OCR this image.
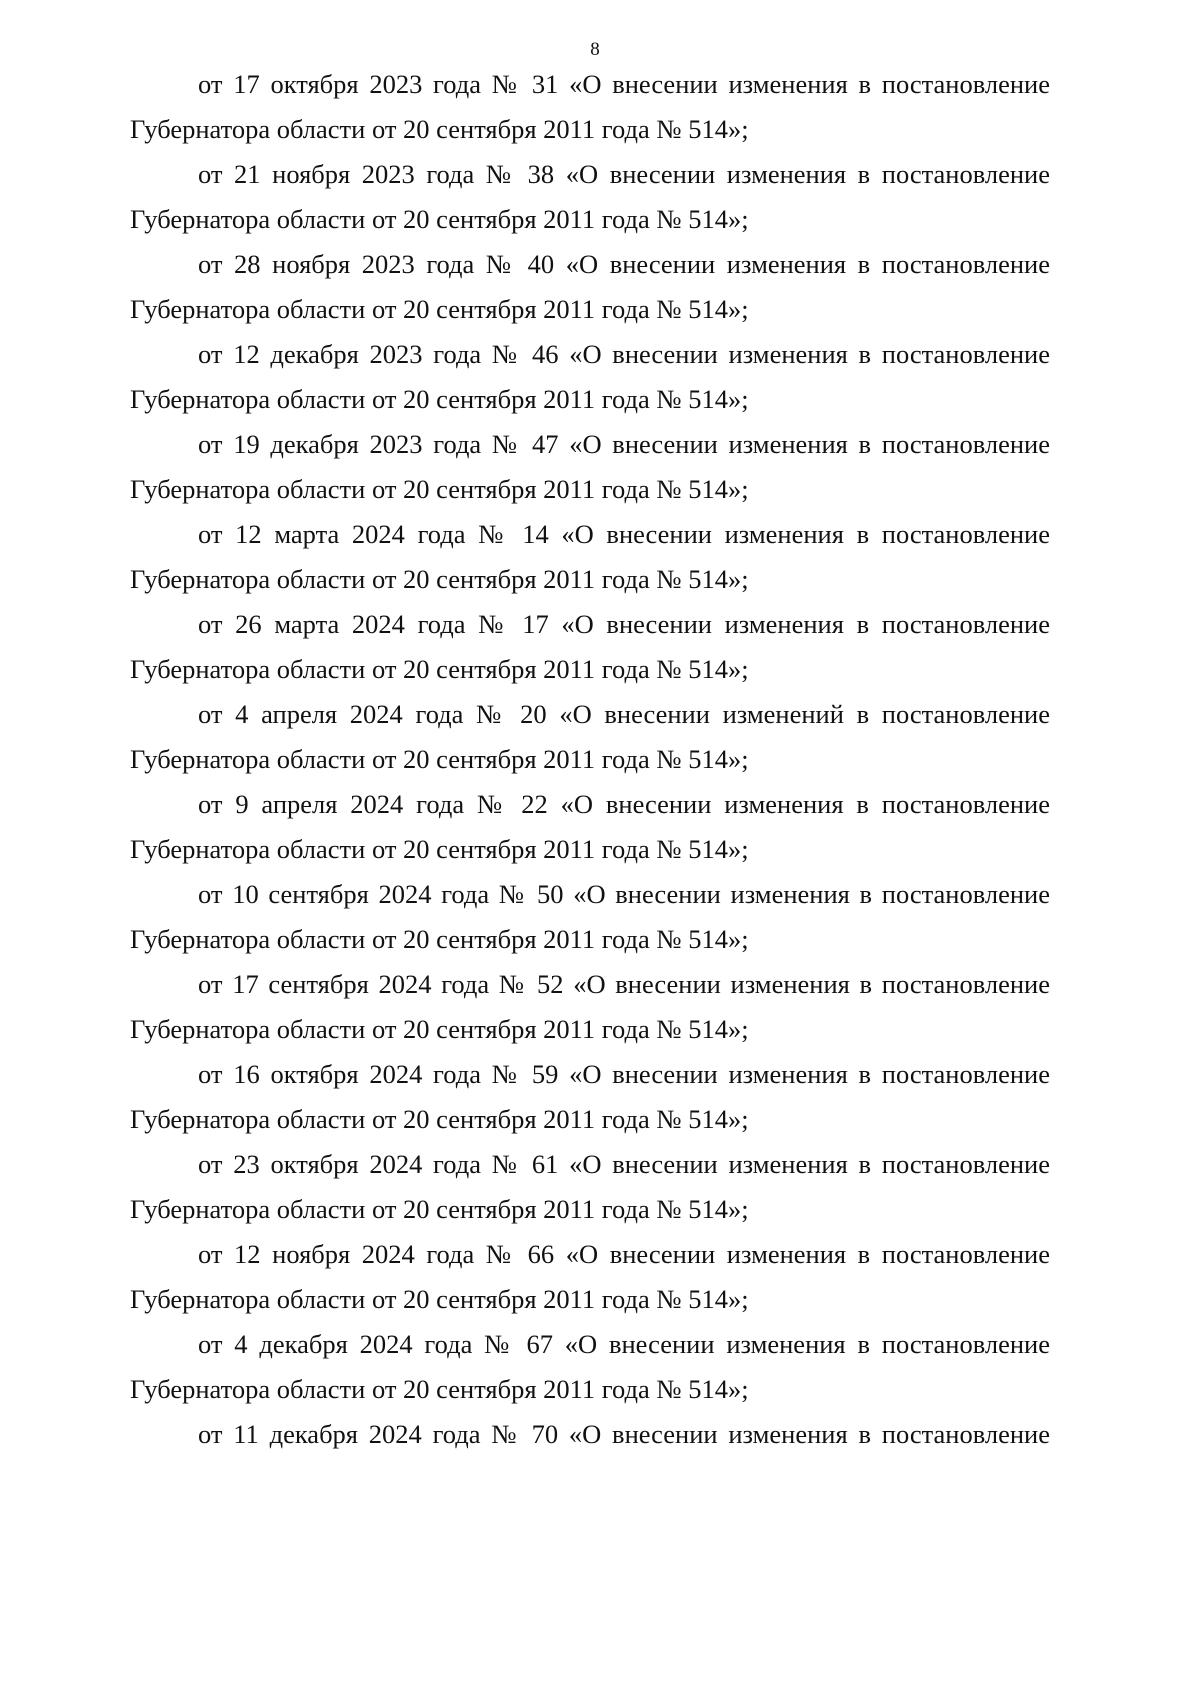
8
от 17 октября 2023 года № 31 «О внесении изменения в постановление
Губернатора области от 20 сентября 2011 года № 514»;
от 21 ноября 2023 года № 38 «О внесении изменения в постановление
Губернатора области от 20 сентября 2011 года № 514»;
от 28 ноября 2023 года № 40 «О внесении изменения в постановление
Губернатора области от 20 сентября 2011 года № 514»;
от 12 декабря 2023 года № 46 «О внесении изменения в постановление
Губернатора области от 20 сентября 2011 года № 514»;
от 19 декабря 2023 года № 47 «О внесении изменения в постановление
Губернатора области от 20 сентября 2011 года № 514»;
от 12 марта 2024 года № 14 «О внесении изменения в постановление
Губернатора области от 20 сентября 2011 года № 514»;
от 26 марта 2024 года № 17 «О внесении изменения в постановление
Губернатора области от 20 сентября 2011 года № 514»;
от 4 апреля 2024 года № 20 «О внесении изменений в постановление
Губернатора области от 20 сентября 2011 года № 514»;
от 9 апреля 2024 года № 22 «О внесении изменения в постановление
Губернатора области от 20 сентября 2011 года № 514»;
от 10 сентября 2024 года № 50 «О внесении изменения в постановление
Губернатора области от 20 сентября 2011 года № 514»;
от 17 сентября 2024 года № 52 «О внесении изменения в постановление
Губернатора области от 20 сентября 2011 года № 514»;
от 16 октября 2024 года № 59 «О внесении изменения в постановление
Губернатора области от 20 сентября 2011 года № 514»;
от 23 октября 2024 года № 61 «О внесении изменения в постановление
Губернатора области от 20 сентября 2011 года № 514»;
от 12 ноября 2024 года № 66 «О внесении изменения в постановление
Губернатора области от 20 сентября 2011 года № 514»;
от 4 декабря 2024 года № 67 «О внесении изменения в постановление
Губернатора области от 20 сентября 2011 года № 514»;
от 11 декабря 2024 года № 70 «О внесении изменения в постановление
